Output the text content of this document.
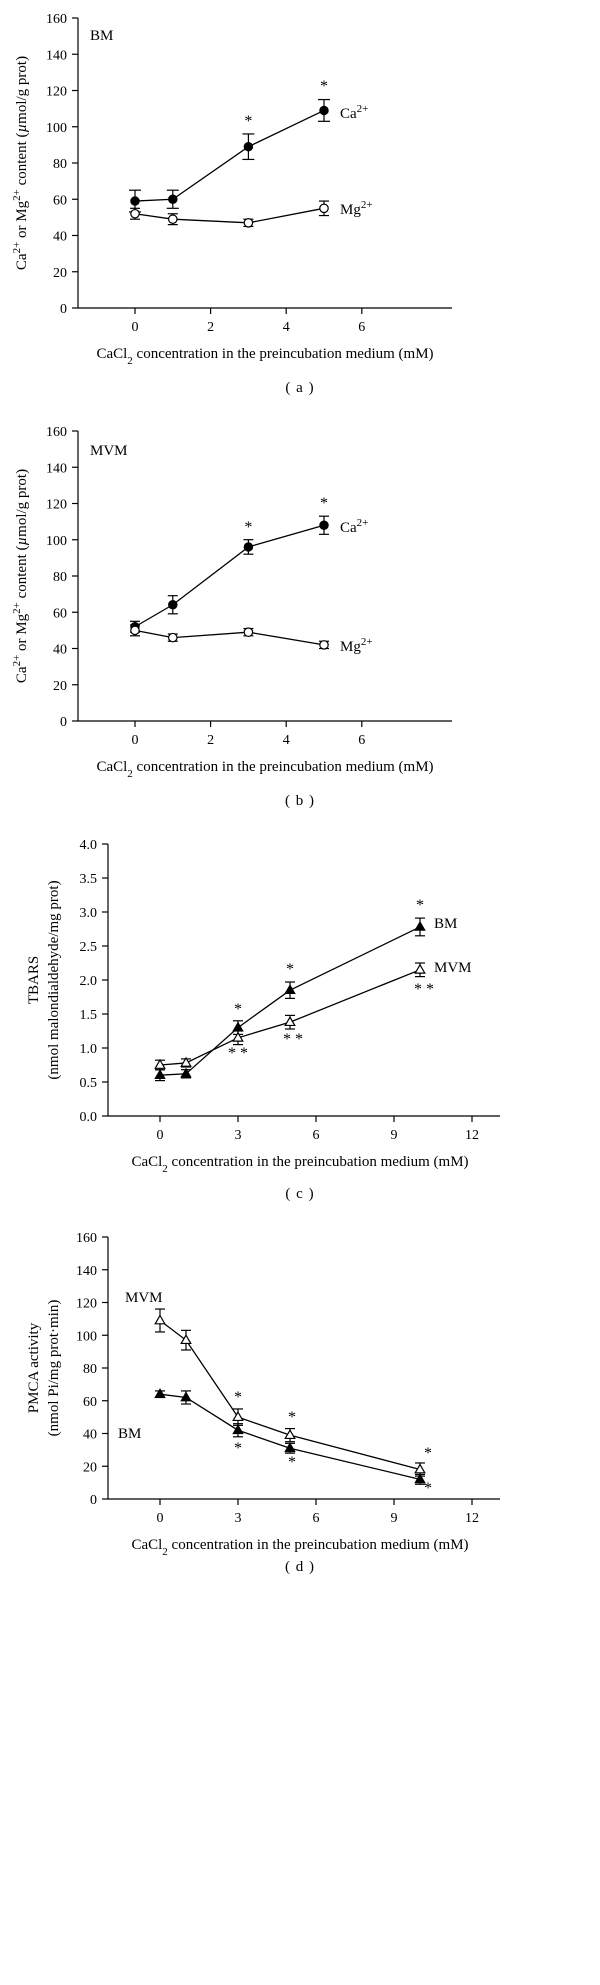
0
20
40
60
80
100
120
140
160
0	2	4	6
BM
*
*
$Ca^{2+}$
$Mg^{2+}$
$Ca^{2+}$ or $Mg^{2+}$ content (µmol/g prot)
CaCl$_2$ concentration in the preincubation medium (mM)
( a )
0
20
40
60
80
100
120
140
160
0	2	4	6
MVM
*
*
$Ca^{2+}$
$Mg^{2+}$
$Ca^{2+}$ or $Mg^{2+}$ content (µmol/g prot)
CaCl$_2$ concentration in the preincubation medium (mM)
( b )
0.0
0.5
1.0
1.5
2.0
2.5
3.0
3.5
4.0
0	3	6	9	12
*
*
*
BM
* *
* *
* *
MVM
TBARS (nmol malondialdehyde/mg prot)
CaCl$_2$ concentration in the preincubation medium (mM)
( c )
0
20
40
60
80
100
120
140
160
0	3	6	9	12
MVM
BM
*
*
*
*
*
*
PMCA activity (nmol Pi/mg prot·min)
CaCl$_2$ concentration in the preincubation medium (mM)
( d )
